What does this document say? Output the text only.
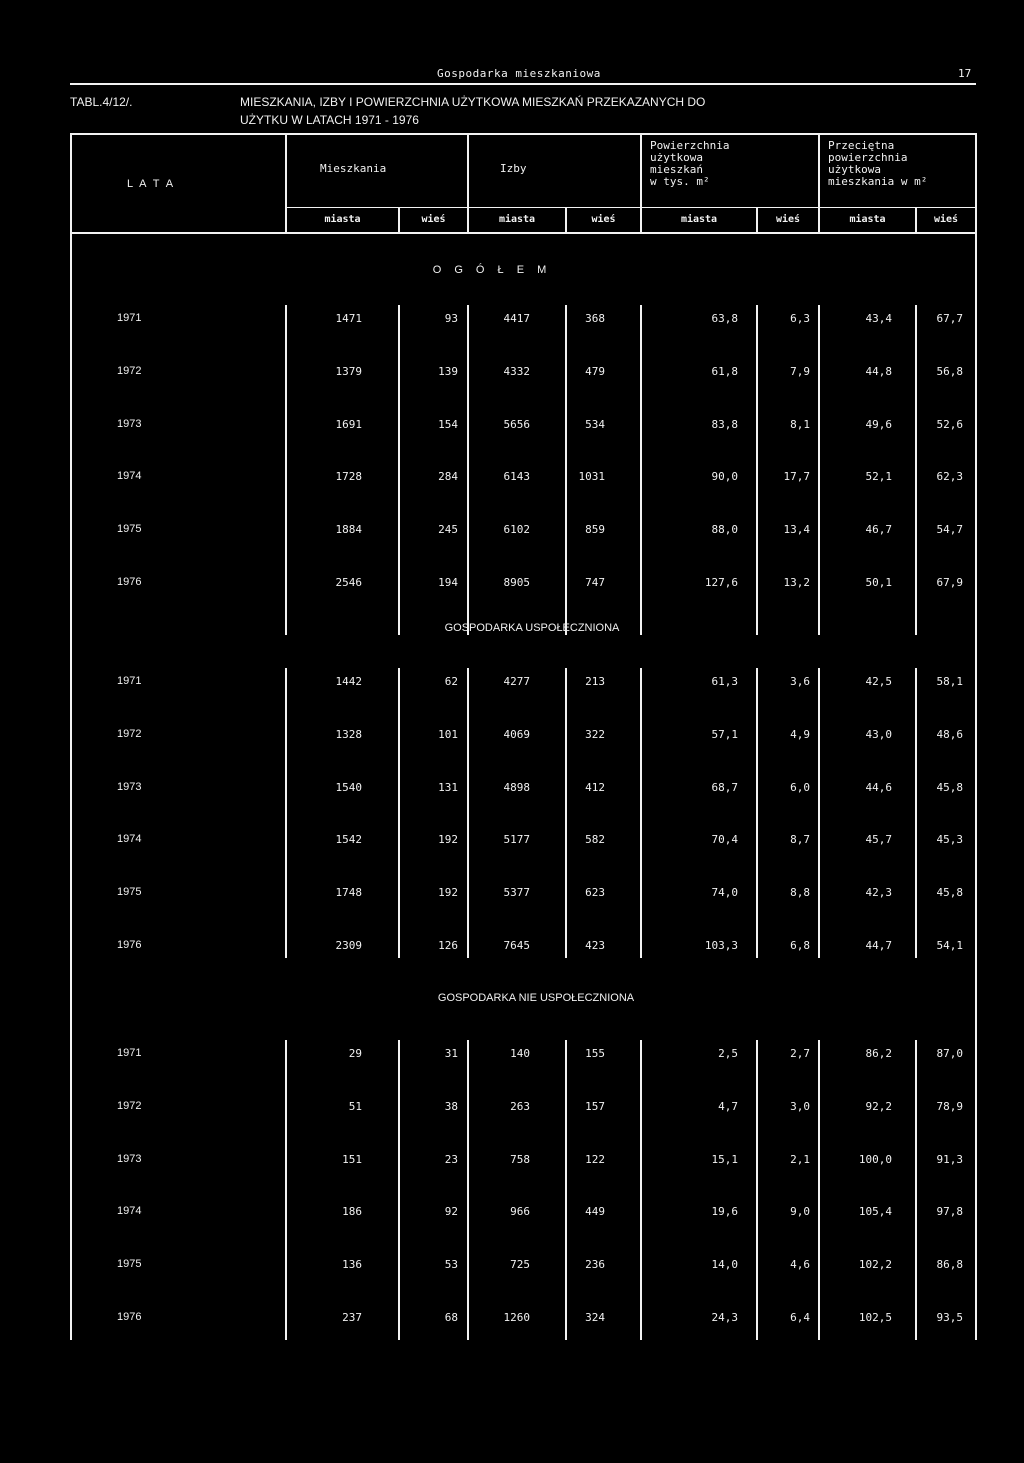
Gospodarka mieszkaniowa	17
TABL.4/12/.	MIESZKANIA, IZBY I POWIERZCHNIA UŻYTKOWA MIESZKAŃ PRZEKAZANYCH DO
UŻYTKU W LATACH 1971 - 1976
L A T A
Mieszkania	Izby
Powierzchnia
użytkowa
mieszkań
w tys. m²
Przeciętna
powierzchnia
użytkowa
mieszkania w m²
miasta	wieś	miasta	wieś	miasta	wieś	miasta	wieś
O G Ó Ł E M
1971	1471	93	4417	368	63,8	6,3	43,4	67,7
1972	1379	139	4332	479	61,8	7,9	44,8	56,8
1973	1691	154	5656	534	83,8	8,1	49,6	52,6
1974	1728	284	6143	1031	90,0	17,7	52,1	62,3
1975	1884	245	6102	859	88,0	13,4	46,7	54,7
1976	2546	194	8905	747	127,6	13,2	50,1	67,9
GOSPODARKA USPOŁECZNIONA
1971	1442	62	4277	213	61,3	3,6	42,5	58,1
1972	1328	101	4069	322	57,1	4,9	43,0	48,6
1973	1540	131	4898	412	68,7	6,0	44,6	45,8
1974	1542	192	5177	582	70,4	8,7	45,7	45,3
1975	1748	192	5377	623	74,0	8,8	42,3	45,8
1976	2309	126	7645	423	103,3	6,8	44,7	54,1
GOSPODARKA NIE USPOŁECZNIONA
1971	29	31	140	155	2,5	2,7	86,2	87,0
1972	51	38	263	157	4,7	3,0	92,2	78,9
1973	151	23	758	122	15,1	2,1	100,0	91,3
1974	186	92	966	449	19,6	9,0	105,4	97,8
1975	136	53	725	236	14,0	4,6	102,2	86,8
1976	237	68	1260	324	24,3	6,4	102,5	93,5
